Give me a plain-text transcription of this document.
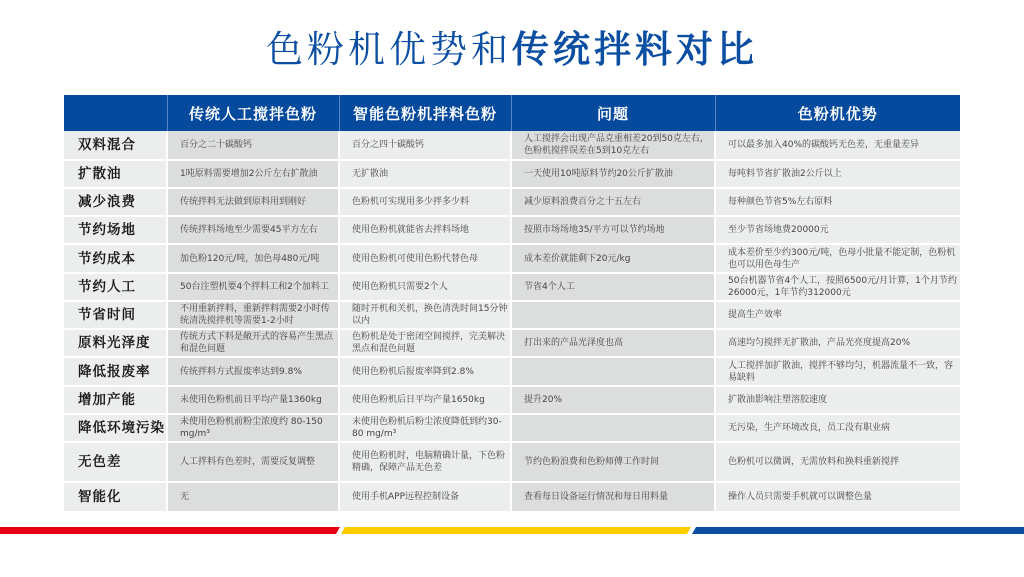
色粉机优势和传统拌料对比
	传统人工搅拌色粉	智能色粉机拌料色粉	问题	色粉机优势
双料混合	百分之二十碳酸钙	百分之四十碳酸钙	人工搅拌会出现产品克重相差20到50克左右，色粉机搅拌误差在5到10克左右	可以最多加入40%的碳酸钙无色差，无重量差异
扩散油	1吨原料需要增加2公斤左右扩散油	无扩散油	一天使用10吨原料节约20公斤扩散油	每吨料节省扩散油2公斤以上
减少浪费	传统拌料无法做到原料用到刚好	色粉机可实现用多少拌多少料	减少原料浪费百分之十五左右	每种颜色节省5%左右原料
节约场地	传统拌料场地至少需要45平方左右	使用色粉机就能省去拌料场地	按照市场场地35/平方可以节约场地	至少节省场地费20000元
节约成本	加色粉120元/吨，加色母480元/吨	使用色粉机可使用色粉代替色母	成本差价就能剩下20元/kg	成本差价至少约300元/吨，色母小批量不能定制，色粉机也可以用色母生产
节约人工	50台注塑机要4个拌料工和2个加料工	使用色粉机只需要2个人	节省4个人工	50台机器节省4个人工，按照6500元/月计算，1个月节约26000元，1年节约312000元
节省时间	不用重新拌料，重新拌料需要2小时传统清洗搅拌机等需要1-2小时	随时开机和关机，换色清洗时间15分钟以内		提高生产效率
原料光泽度	传统方式下料是敞开式的容易产生黑点和混色问题	色粉机是处于密闭空间搅拌，完美解决黑点和混色问题	打出来的产品光泽度也高	高速均匀搅拌无扩散油，产品光亮度提高20%
降低报废率	传统拌料方式报废率达到9.8%	使用色粉机后报废率降到2.8%		人工搅拌加扩散油，搅拌不够均匀，机器流量不一致，容易缺料
增加产能	未使用色粉机前日平均产量1360kg	使用色粉机后日平均产量1650kg	提升20%	扩散油影响注塑溶胶速度
降低环境污染	未使用色粉机前粉尘浓度约 80-150 mg/m³	未使用色粉机后粉尘浓度降低到约30-80 mg/m³		无污染，生产环境改良，员工没有职业病
无色差	人工拌料有色差时，需要反复调整	使用色粉机时，电脑精确计量，下色粉精确，保障产品无色差	节约色粉浪费和色粉师傅工作时间	色粉机可以微调，无需放料和换料重新搅拌
智能化	无	使用手机APP远程控制设备	查看每日设备运行情况和每日用料量	操作人员只需要手机就可以调整色量
